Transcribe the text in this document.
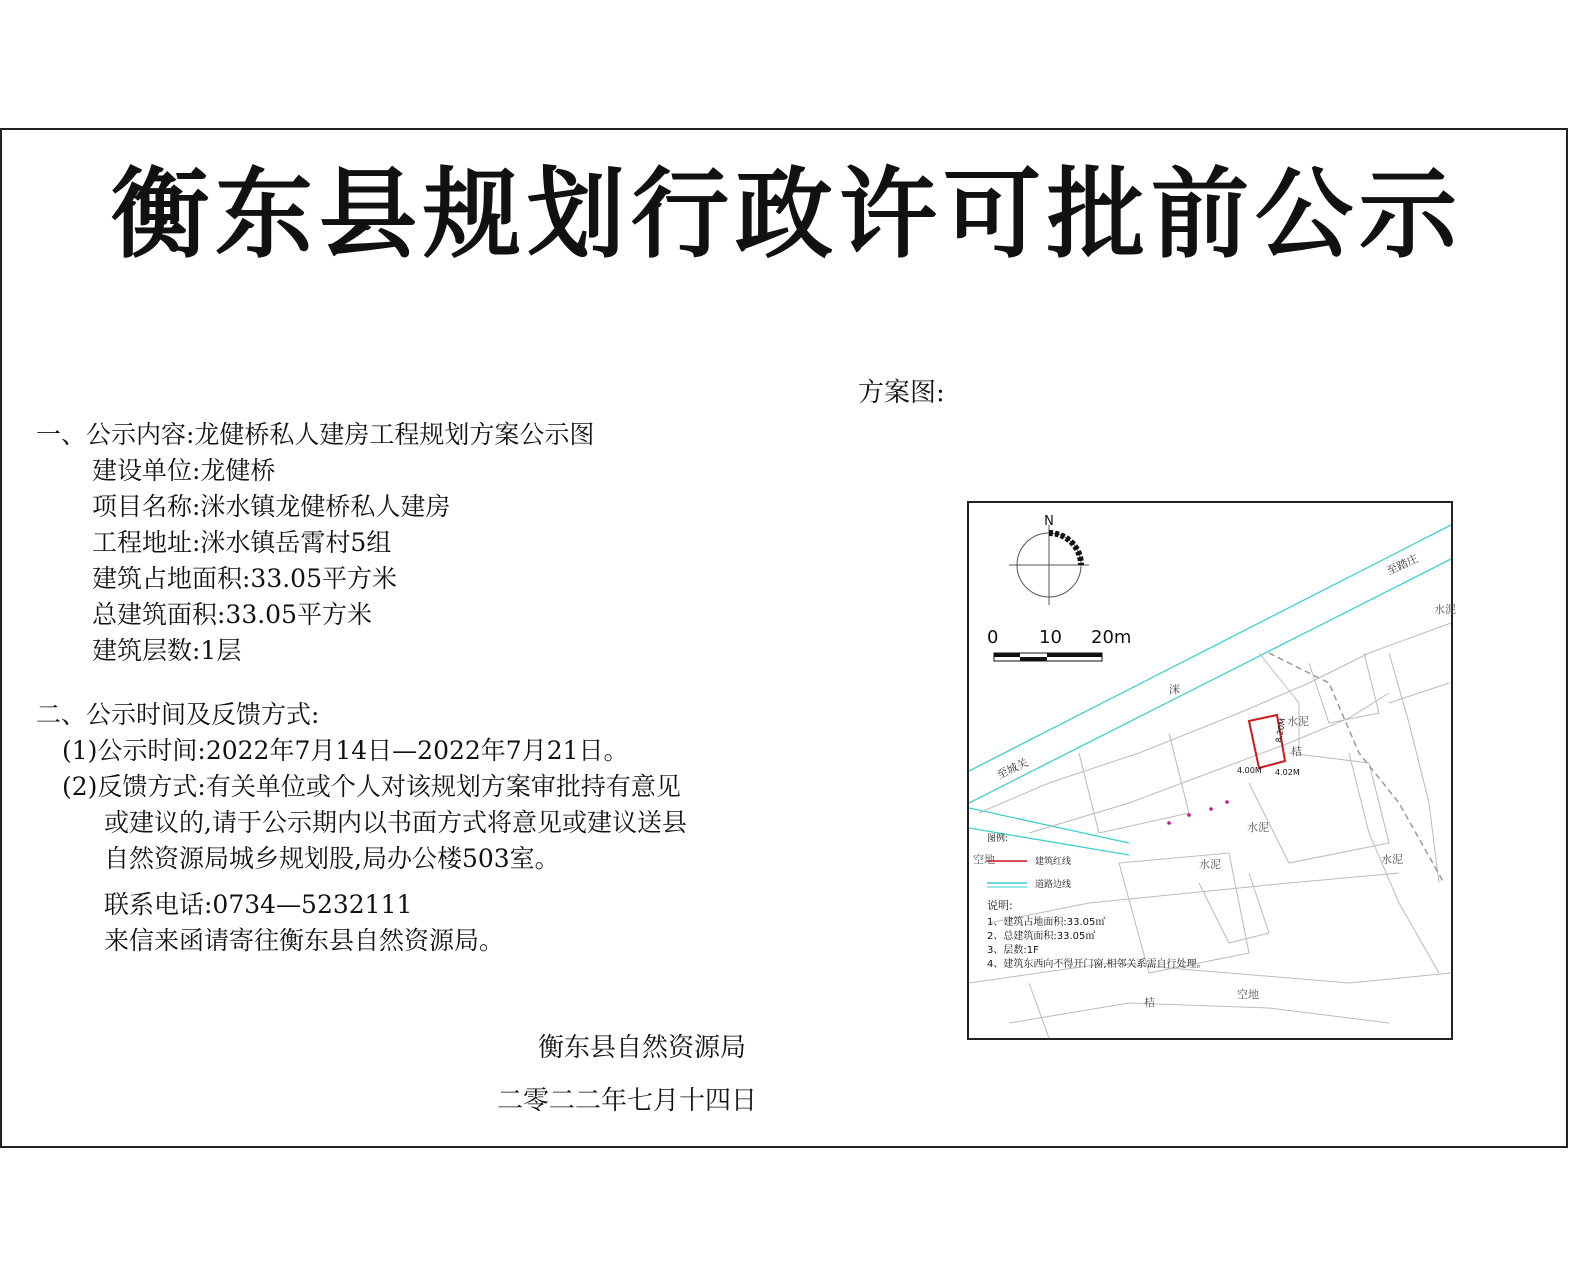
衡东县规划行政许可批前公示
方案图:
一、公示内容:龙健桥私人建房工程规划方案公示图
建设单位:龙健桥
项目名称:洣水镇龙健桥私人建房
工程地址:洣水镇岳霄村5组
建筑占地面积:33.05平方米
总建筑面积:33.05平方米
建筑层数:1层
二、公示时间及反馈方式:
(1)公示时间:2022年7月14日—2022年7月21日。
(2)反馈方式:有关单位或个人对该规划方案审批持有意见
或建议的,请于公示期内以书面方式将意见或建议送县
自然资源局城乡规划股,局办公楼503室。
联系电话:0734—5232111
来信来函请寄往衡东县自然资源局。
衡东县自然资源局
二零二二年七月十四日
N
0 10 20m
8.20M
4.00M 4.02M
至踏庄
至城关
洣
水泥
水泥
水泥	水泥
水泥
空地
空地
桔
桔
图例:
建筑红线
道路边线
说明:
1、建筑占地面积:33.05㎡
2、总建筑面积:33.05㎡
3、层数:1F
4、建筑东西向不得开门窗,相邻关系需自行处理。
